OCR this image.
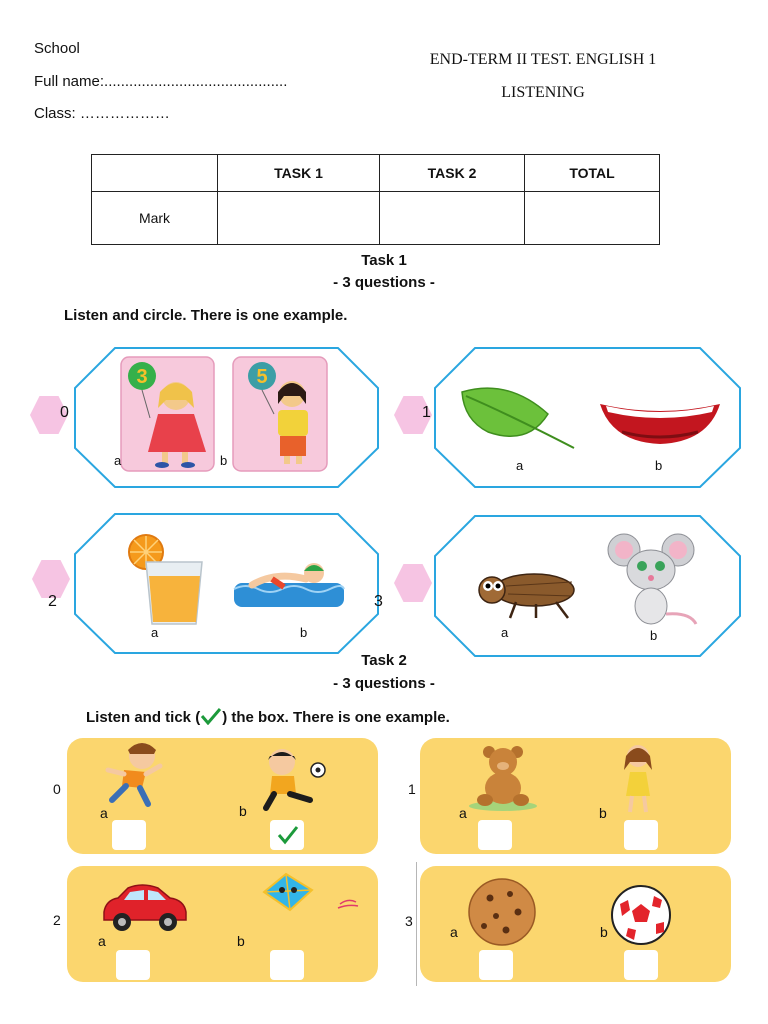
School
Full name:............................................
Class: ………………
END-TERM II TEST. ENGLISH 1
LISTENING
	TASK 1	TASK 2	TOTAL
Mark			
Task 1
- 3 questions -
Listen and circle. There is one example.
0
3
a
5
b
1
a	b
2
a	b
3
a	b
Task 2
- 3 questions -
Listen and tick ( ) the box. There is one example.
0
a	b
1
a	b
2
a	b
3
a	b
